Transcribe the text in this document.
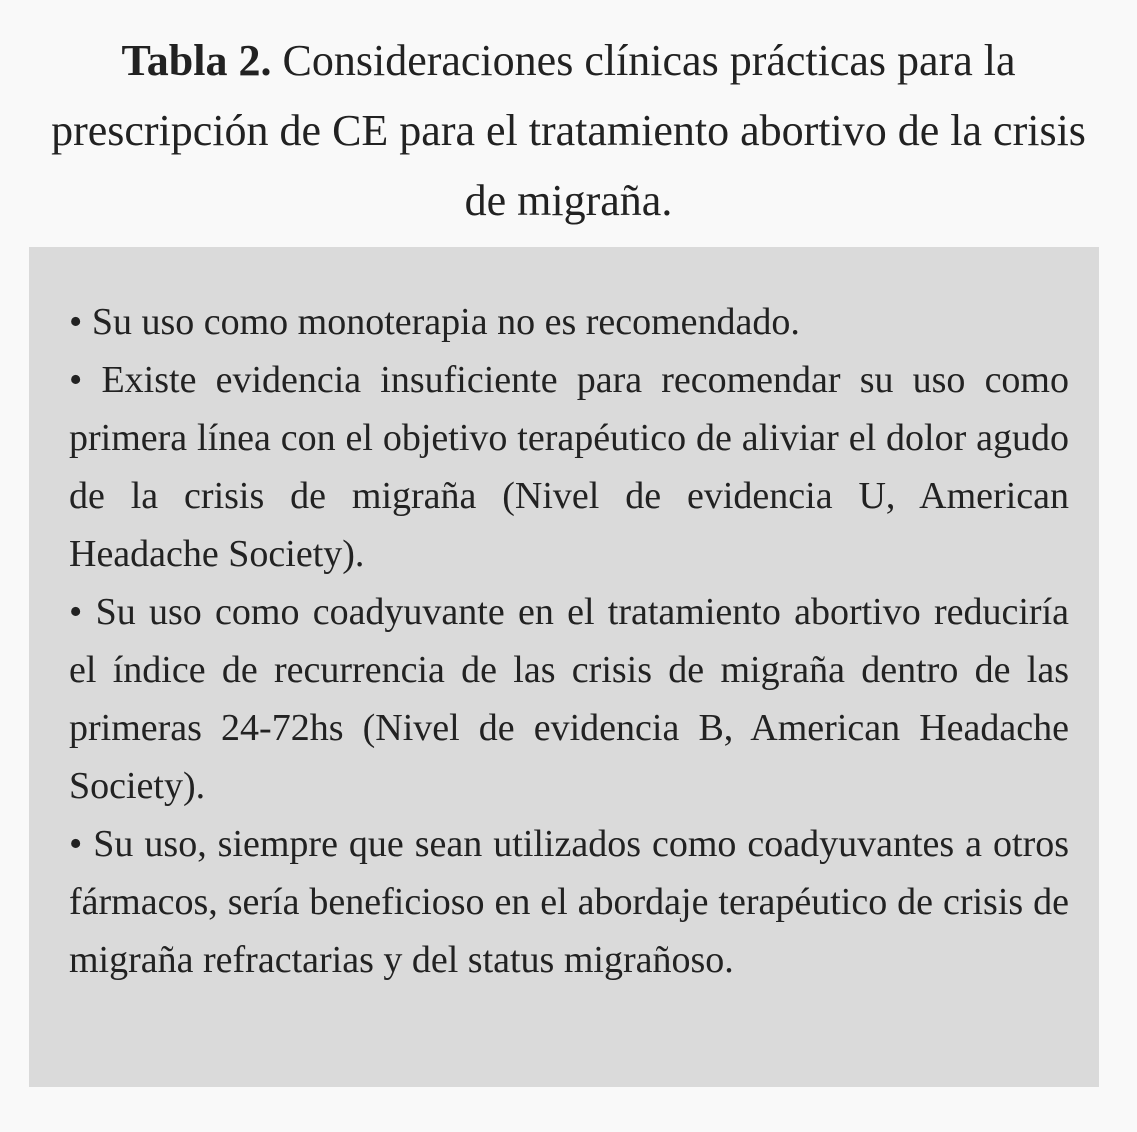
Tabla 2. Consideraciones clínicas prácticas para la prescripción de CE para el tratamiento abortivo de la crisis de migraña.

• Su uso como monoterapia no es recomendado.

• Existe evidencia insuficiente para recomendar su uso como primera línea con el objetivo terapéutico de aliviar el dolor agudo de la crisis de migraña (Nivel de evidencia U, American Headache Society).

• Su uso como coadyuvante en el tratamiento abortivo reduciría el índice de recurrencia de las crisis de migraña dentro de las primeras 24-72hs (Nivel de evidencia B, American Headache Society).

• Su uso, siempre que sean utilizados como coadyuvantes a otros fármacos, sería beneficioso en el abordaje terapéutico de crisis de migraña refractarias y del status migrañoso.
